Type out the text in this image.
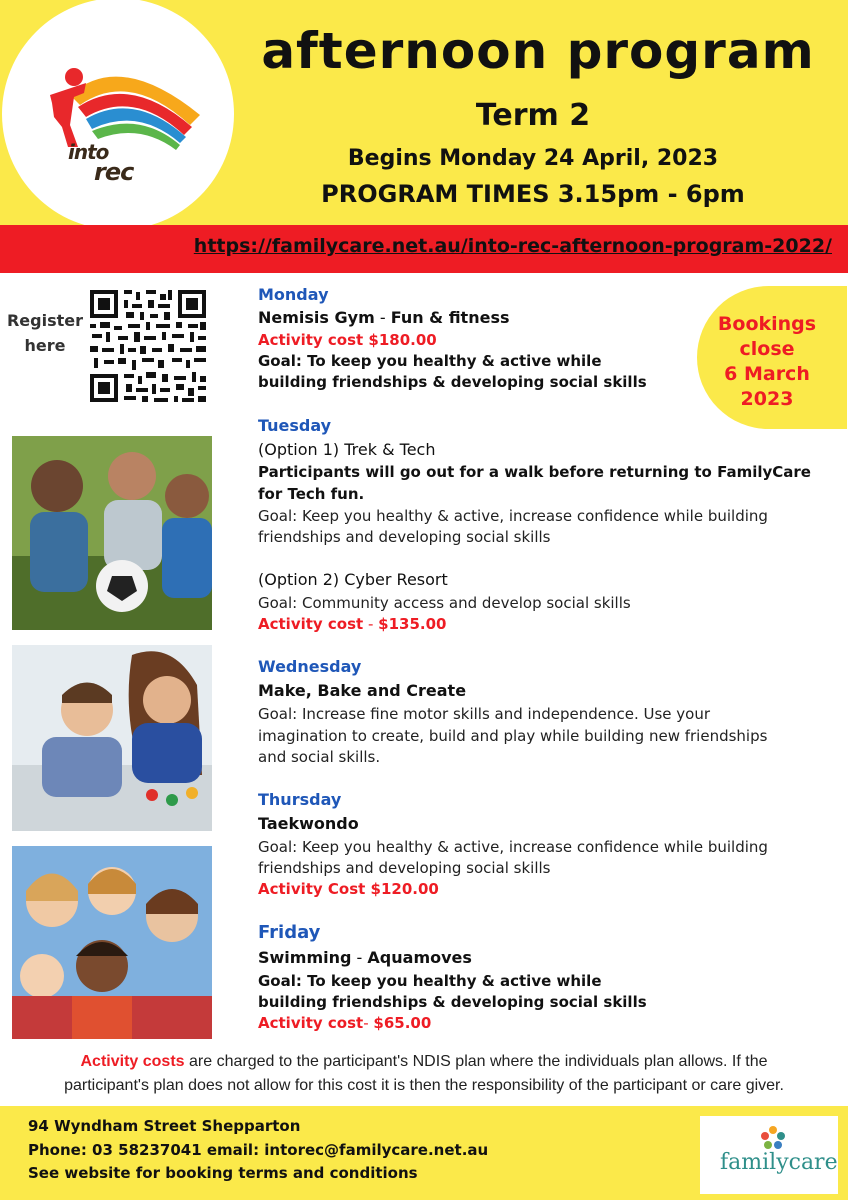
into
rec
afternoon program
Term 2
Begins Monday 24 April, 2023
PROGRAM TIMES 3.15pm - 6pm
https://familycare.net.au/into-rec-afternoon-program-2022/
Register
here
Bookings
close
6 March
2023
Monday
Nemisis Gym - Fun & fitness
Activity cost $180.00
Goal: To keep you healthy & active while
building friendships & developing social skills
Tuesday
(Option 1) Trek & Tech
Participants will go out for a walk before returning to FamilyCare
for Tech fun.
Goal: Keep you healthy & active, increase confidence while building
friendships and developing social skills
(Option 2) Cyber Resort
Goal: Community access and develop social skills
Activity cost - $135.00
Wednesday
Make, Bake and Create
Goal: Increase fine motor skills and independence. Use your
imagination to create, build and play while building new friendships
and social skills.
Thursday
Taekwondo
Goal: Keep you healthy & active, increase confidence while building
friendships and developing social skills
Activity Cost $120.00
Friday
Swimming - Aquamoves
Goal: To keep you healthy & active while
building friendships & developing social skills
Activity cost- $65.00
Activity costs are charged to the participant's NDIS plan where the individuals plan allows. If the
participant's plan does not allow for this cost it is then the responsibility of the participant or care giver.
94 Wyndham Street Shepparton
Phone: 03 58237041 email: intorec@familycare.net.au
See website for booking terms and conditions	familycare
